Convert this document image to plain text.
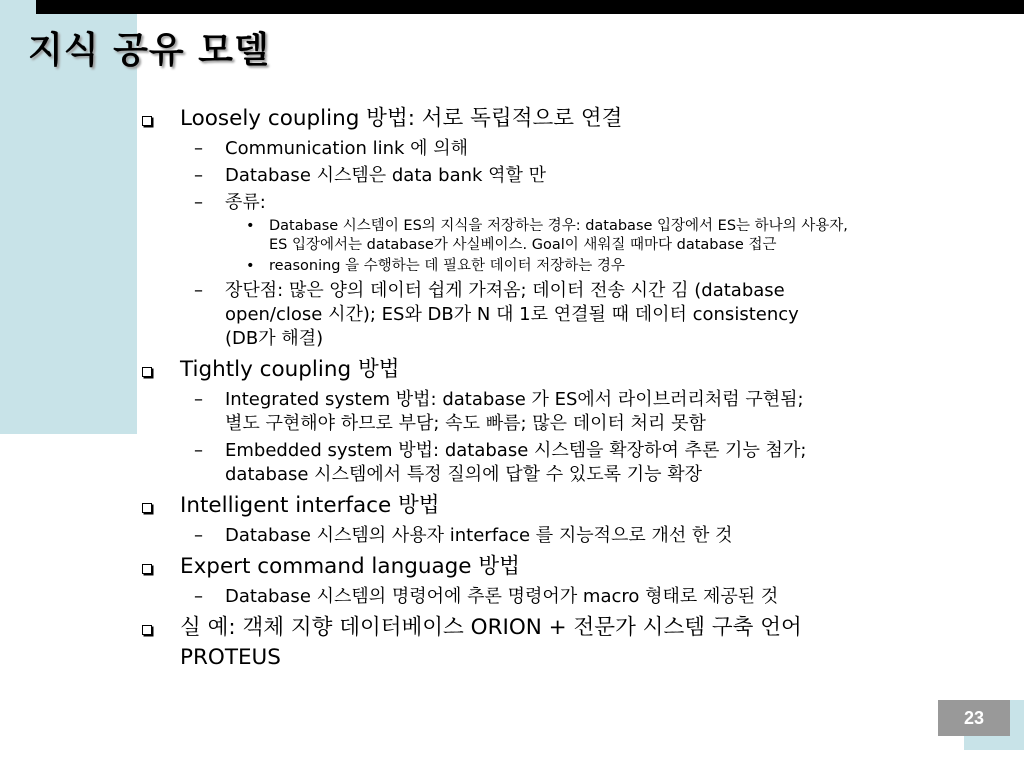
지식 공유 모델
Loosely coupling 방법: 서로 독립적으로 연결
– Communication link 에 의해
– Database 시스템은 data bank 역할 만
– 종류:
• Database 시스템이 ES의 지식을 저장하는 경우: database 입장에서 ES는 하나의 사용자,
ES 입장에서는 database가 사실베이스. Goal이 새워질 때마다 database 접근
• reasoning 을 수행하는 데 필요한 데이터 저장하는 경우
– 장단점: 많은 양의 데이터 쉽게 가져옴; 데이터 전송 시간 김 (database
open/close 시간); ES와 DB가 N 대 1로 연결될 때 데이터 consistency
(DB가 해결)
Tightly coupling 방법
– Integrated system 방법: database 가 ES에서 라이브러리처럼 구현됨;
별도 구현해야 하므로 부담; 속도 빠름; 많은 데이터 처리 못함
– Embedded system 방법: database 시스템을 확장하여 추론 기능 첨가;
database 시스템에서 특정 질의에 답할 수 있도록 기능 확장
Intelligent interface 방법
– Database 시스템의 사용자 interface 를 지능적으로 개선 한 것
Expert command language 방법
– Database 시스템의 명령어에 추론 명령어가 macro 형태로 제공된 것
실 예: 객체 지향 데이터베이스 ORION + 전문가 시스템 구축 언어
PROTEUS
23
